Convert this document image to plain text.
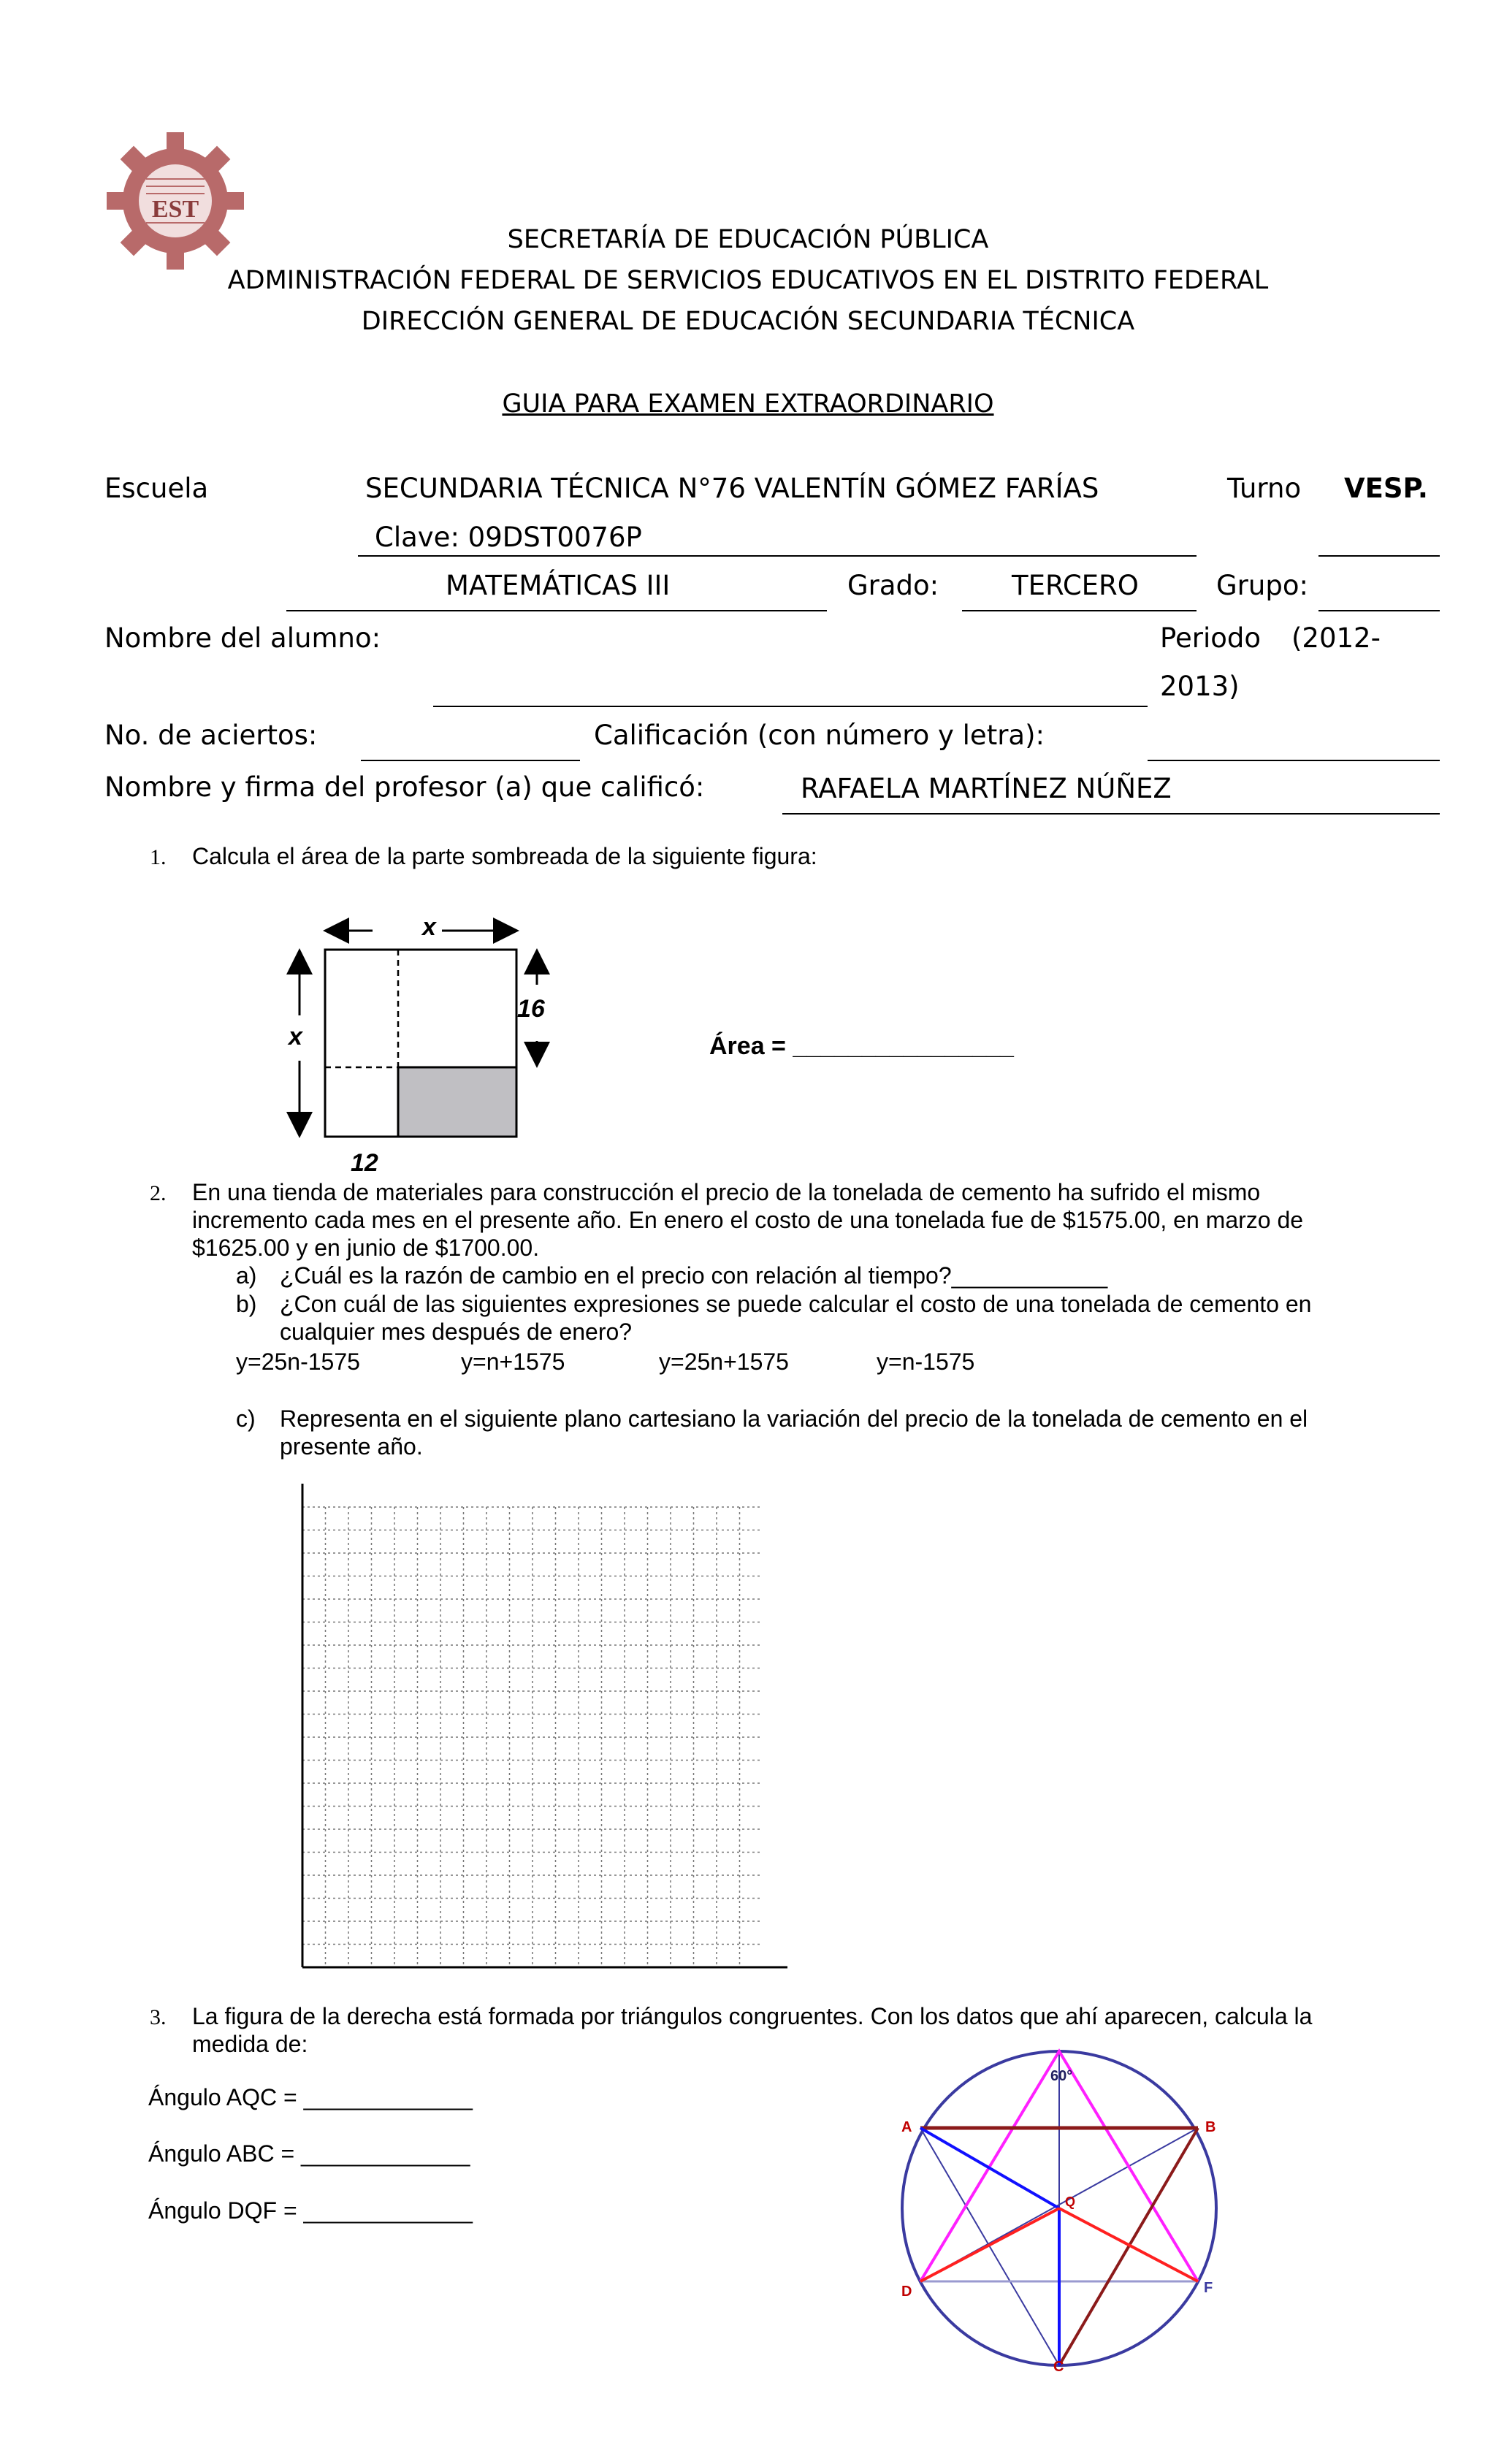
EST
SECRETARÍA DE EDUCACIÓN PÚBLICA
ADMINISTRACIÓN FEDERAL DE SERVICIOS EDUCATIVOS EN EL DISTRITO FEDERAL
DIRECCIÓN GENERAL DE EDUCACIÓN SECUNDARIA TÉCNICA
GUIA PARA EXAMEN EXTRAORDINARIO
Escuela	SECUNDARIA TÉCNICA N°76 VALENTÍN GÓMEZ FARÍAS	Turno VESP.
Clave: 09DST0076P
MATEMÁTICAS III	Grado:	TERCERO	Grupo:
Nombre del alumno:	Periodo (2012-
2013)
No. de aciertos:	Calificación (con número y letra):
Nombre y firma del profesor (a) que calificó:	RAFAELA MARTÍNEZ NÚÑEZ
1. Calcula el área de la parte sombreada de la siguiente figura:
x
x
16
12
Área = ________________
2. En una tienda de materiales para construcción el precio de la tonelada de cemento ha sufrido el mismo
incremento cada mes en el presente año. En enero el costo de una tonelada fue de $1575.00, en marzo de
$1625.00 y en junio de $1700.00.
a) ¿Cuál es la razón de cambio en el precio con relación al tiempo?____________
b) ¿Con cuál de las siguientes expresiones se puede calcular el costo de una tonelada de cemento en
cualquier mes después de enero?
y=25n-1575	y=n+1575	y=25n+1575	y=n-1575
c) Representa en el siguiente plano cartesiano la variación del precio de la tonelada de cemento en el
presente año.
3. La figura de la derecha está formada por triángulos congruentes. Con los datos que ahí aparecen, calcula la
medida de:
Ángulo AQC = _____________
Ángulo ABC = _____________
Ángulo DQF = _____________
60°
A	B
Q
D	F
C
